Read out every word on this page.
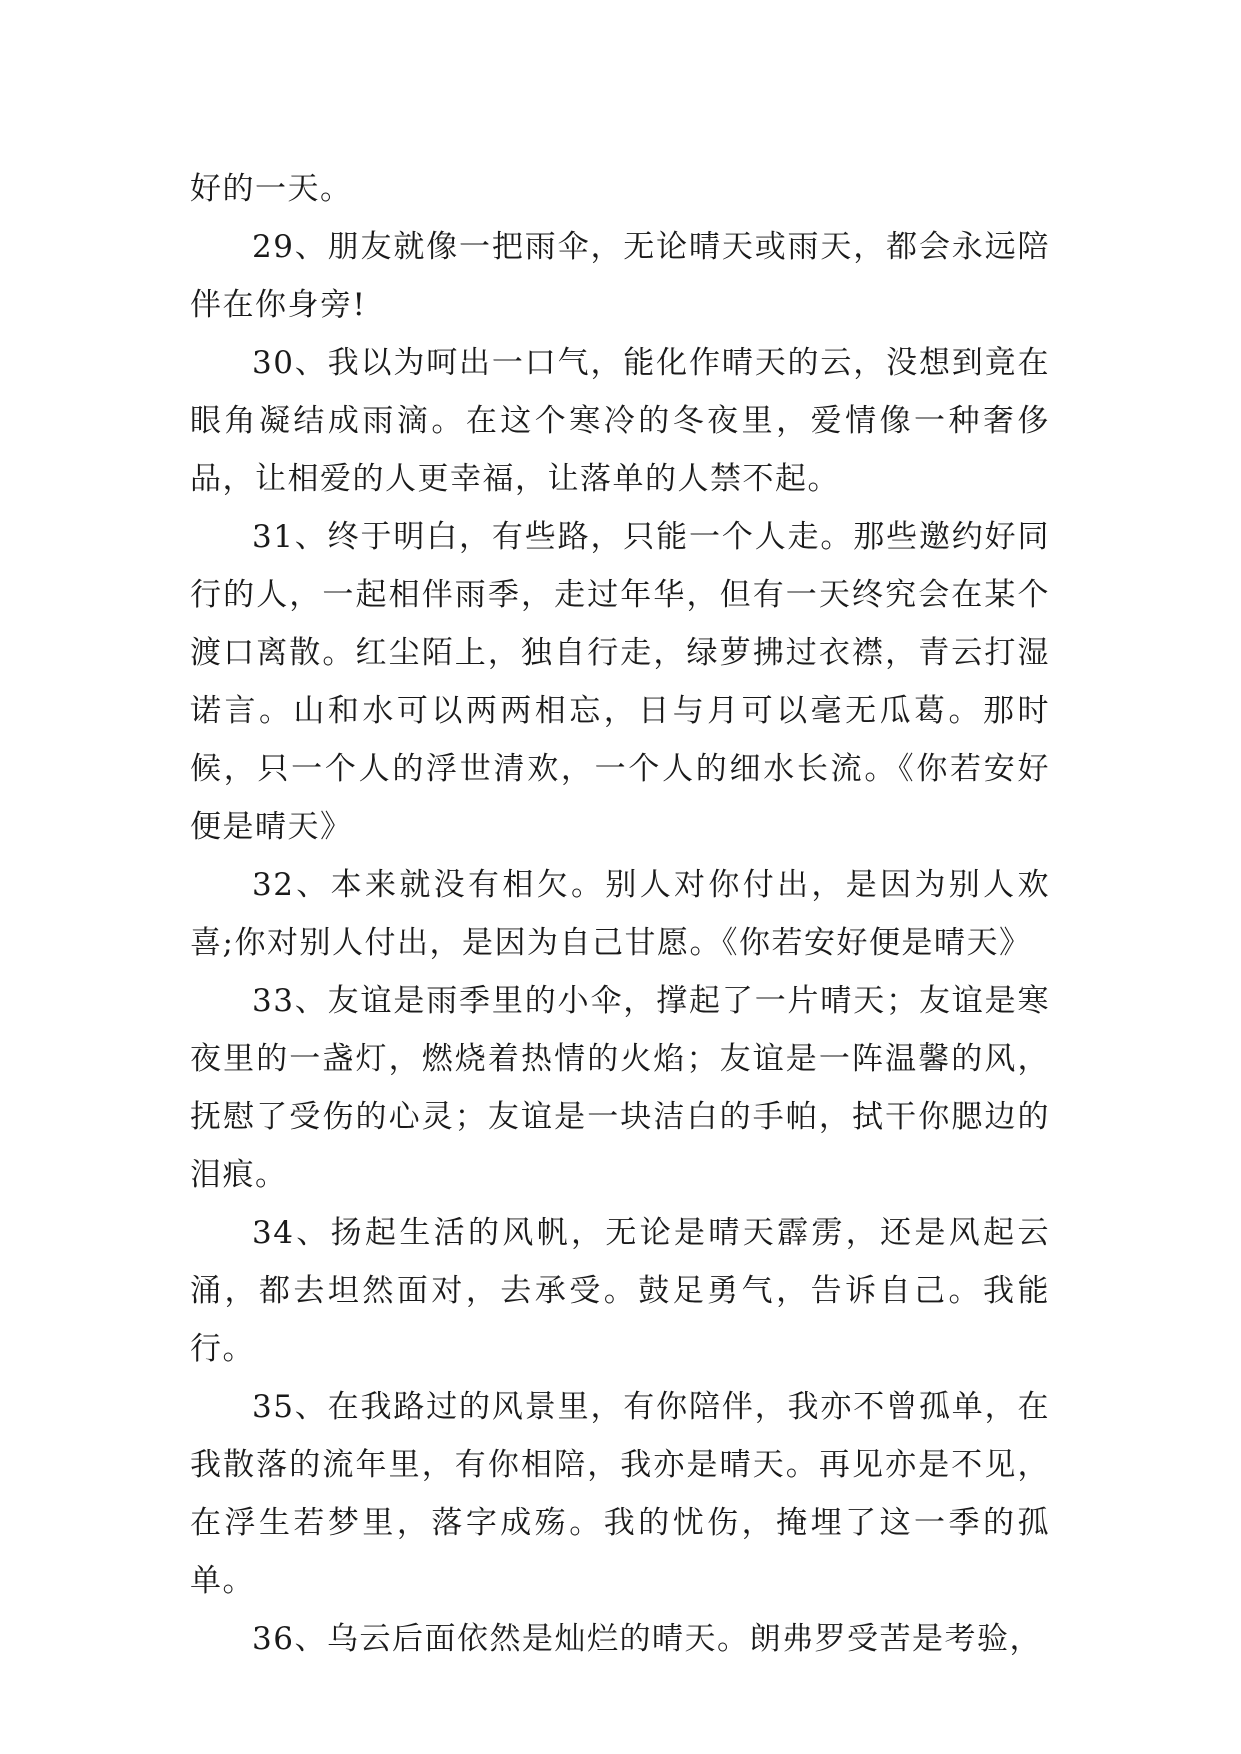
好的一天。

29、朋友就像一把雨伞，无论晴天或雨天，都会永远陪伴在你身旁!

30、我以为呵出一口气，能化作晴天的云，没想到竟在眼角凝结成雨滴。在这个寒冷的冬夜里，爱情像一种奢侈品，让相爱的人更幸福，让落单的人禁不起。

31、终于明白，有些路，只能一个人走。那些邀约好同行的人，一起相伴雨季，走过年华，但有一天终究会在某个渡口离散。红尘陌上，独自行走，绿萝拂过衣襟，青云打湿诺言。山和水可以两两相忘，日与月可以毫无瓜葛。那时候，只一个人的浮世清欢，一个人的细水长流。《你若安好便是晴天》

32、本来就没有相欠。别人对你付出，是因为别人欢喜;你对别人付出，是因为自己甘愿。《你若安好便是晴天》

33、友谊是雨季里的小伞，撑起了一片晴天；友谊是寒夜里的一盏灯，燃烧着热情的火焰；友谊是一阵温馨的风，抚慰了受伤的心灵；友谊是一块洁白的手帕，拭干你腮边的泪痕。

34、扬起生活的风帆，无论是晴天霹雳，还是风起云涌，都去坦然面对，去承受。鼓足勇气，告诉自己。我能行。

35、在我路过的风景里，有你陪伴，我亦不曾孤单，在我散落的流年里，有你相陪，我亦是晴天。再见亦是不见，在浮生若梦里，落字成殇。我的忧伤，掩埋了这一季的孤单。

36、乌云后面依然是灿烂的晴天。朗弗罗受苦是考验，
